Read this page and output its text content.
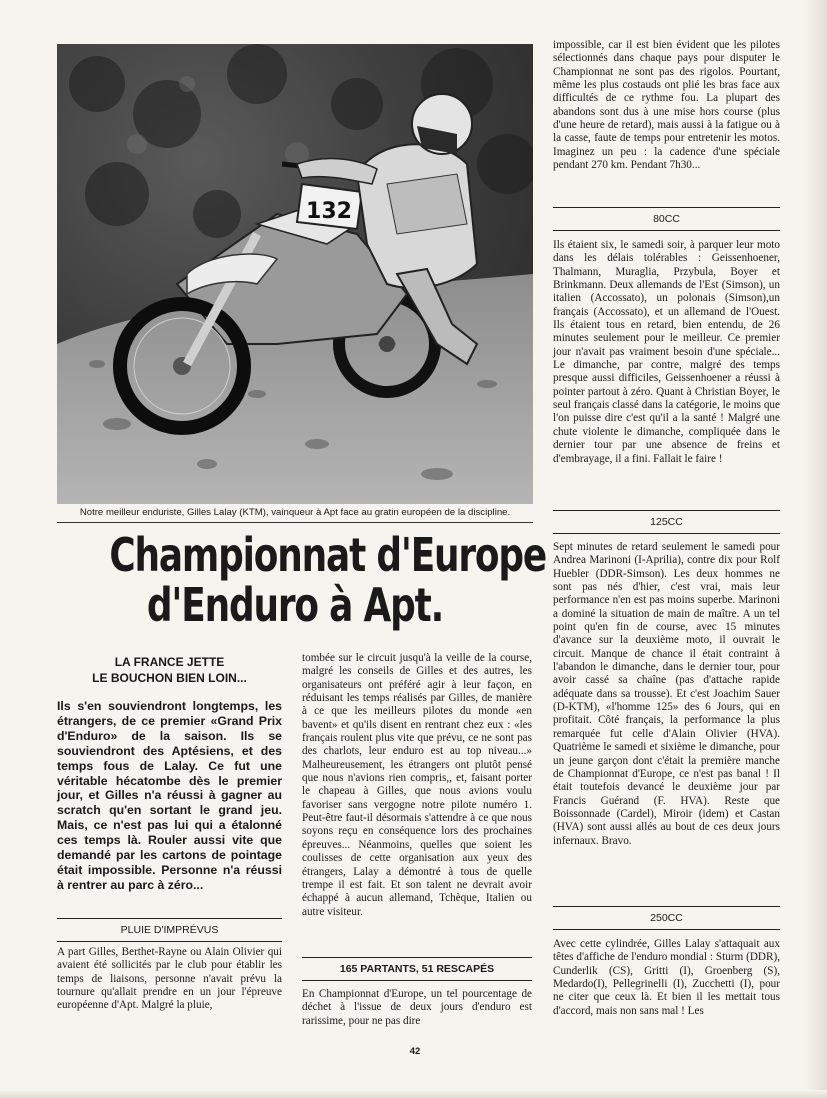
132
Notre meilleur enduriste, Gilles Lalay (KTM), vainqueur à Apt face au gratin européen de la discipline.
Championnat d'Europe
d'Enduro à Apt.
LA FRANCE JETTE
LE BOUCHON BIEN LOIN...
Ils s'en souviendront longtemps, les étrangers, de ce premier «Grand Prix d'Enduro» de la saison. Ils se souviendront des Aptésiens, et des temps fous de Lalay. Ce fut une véritable hécatombe dès le premier jour, et Gilles n'a réussi à gagner au scratch qu'en sortant le grand jeu. Mais, ce n'est pas lui qui a étalonné ces temps là. Rouler aussi vite que demandé par les cartons de pointage était impossible. Personne n'a réussi à rentrer au parc à zéro...
PLUIE D'IMPRÉVUS
A part Gilles, Berthet-Rayne ou Alain Olivier qui avaient été sollicités par le club pour établir les temps de liaisons, personne n'avait prévu la tournure qu'allait prendre en un jour l'épreuve européenne d'Apt. Malgré la pluie,
tombée sur le circuit jusqu'à la veille de la course, malgré les conseils de Gilles et des autres, les organisateurs ont préféré agir à leur façon, en réduisant les temps réalisés par Gilles, de manière à ce que les meilleurs pilotes du monde «en bavent» et qu'ils disent en rentrant chez eux : «les français roulent plus vite que prévu, ce ne sont pas des charlots, leur enduro est au top niveau...» Malheureusement, les étrangers ont plutôt pensé que nous n'avions rien compris,, et, faisant porter le chapeau à Gilles, que nous avions voulu favoriser sans vergogne notre pilote numéro 1. Peut-être faut-il désormais s'attendre à ce que nous soyons reçu en conséquence lors des prochaines épreuves... Néanmoins, quelles que soient les coulisses de cette organisation aux yeux des étrangers, Lalay a démontré à tous de quelle trempe il est fait. Et son talent ne devrait avoir échappé à aucun allemand, Tchèque, Italien ou autre visiteur.
165 PARTANTS, 51 RESCAPÉS
En Championnat d'Europe, un tel pourcentage de déchet à l'issue de deux jours d'enduro est rarissime, pour ne pas dire
impossible, car il est bien évident que les pilotes sélectionnés dans chaque pays pour disputer le Championnat ne sont pas des rigolos. Pourtant, même les plus costauds ont plié les bras face aux difficultés de ce rythme fou. La plupart des abandons sont dus à une mise hors course (plus d'une heure de retard), mais aussi à la fatigue ou à la casse, faute de temps pour entretenir les motos. Imaginez un peu : la cadence d'une spéciale pendant 270 km. Pendant 7h30...
80CC
Ils étaient six, le samedi soir, à parquer leur moto dans les délais tolérables : Geissenhoener, Thalmann, Muraglia, Przybula, Boyer et Brinkmann. Deux allemands de l'Est (Simson), un italien (Accossato), un polonais (Simson),un français (Accossato), et un allemand de l'Ouest. Ils étaient tous en retard, bien entendu, de 26 minutes seulement pour le meilleur. Ce premier jour n'avait pas vraiment besoin d'une spéciale... Le dimanche, par contre, malgré des temps presque aussi difficiles, Geissenhoener a réussi à pointer partout à zéro. Quant à Christian Boyer, le seul français classé dans la catégorie, le moins que l'on puisse dire c'est qu'il a la santé ! Malgré une chute violente le dimanche, compliquée dans le dernier tour par une absence de freins et d'embrayage, il a fini. Fallait le faire !
125CC
Sept minutes de retard seulement le samedi pour Andrea Marinoni (I-Aprilia), contre dix pour Rolf Huebler (DDR-Simson). Les deux hommes ne sont pas nés d'hier, c'est vrai, mais leur performance n'en est pas moins superbe. Marinoni a dominé la situation de main de maître. A un tel point qu'en fin de course, avec 15 minutes d'avance sur la deuxième moto, il ouvrait le circuit. Manque de chance il était contraint à l'abandon le dimanche, dans le dernier tour, pour avoir cassé sa chaîne (pas d'attache rapide adéquate dans sa trousse). Et c'est Joachim Sauer (D-KTM), «l'homme 125» des 6 Jours, qui en profitait. Côté français, la performance la plus remarquée fut celle d'Alain Olivier (HVA). Quatrième le samedi et sixième le dimanche, pour un jeune garçon dont c'était la première manche de Championnat d'Europe, ce n'est pas banal ! Il était toutefois devancé le deuxième jour par Francis Guérand (F. HVA). Reste que Boissonnade (Cardel), Miroir (idem) et Castan (HVA) sont aussi allés au bout de ces deux jours infernaux. Bravo.
250CC
Avec cette cylindrée, Gilles Lalay s'attaquait aux têtes d'affiche de l'enduro mondial : Sturm (DDR), Cunderlik (CS), Gritti (I), Groenberg (S), Medardo(I), Pellegrinelli (I), Zucchetti (I), pour ne citer que ceux là. Et bien il les mettait tous d'accord, mais non sans mal ! Les
42
